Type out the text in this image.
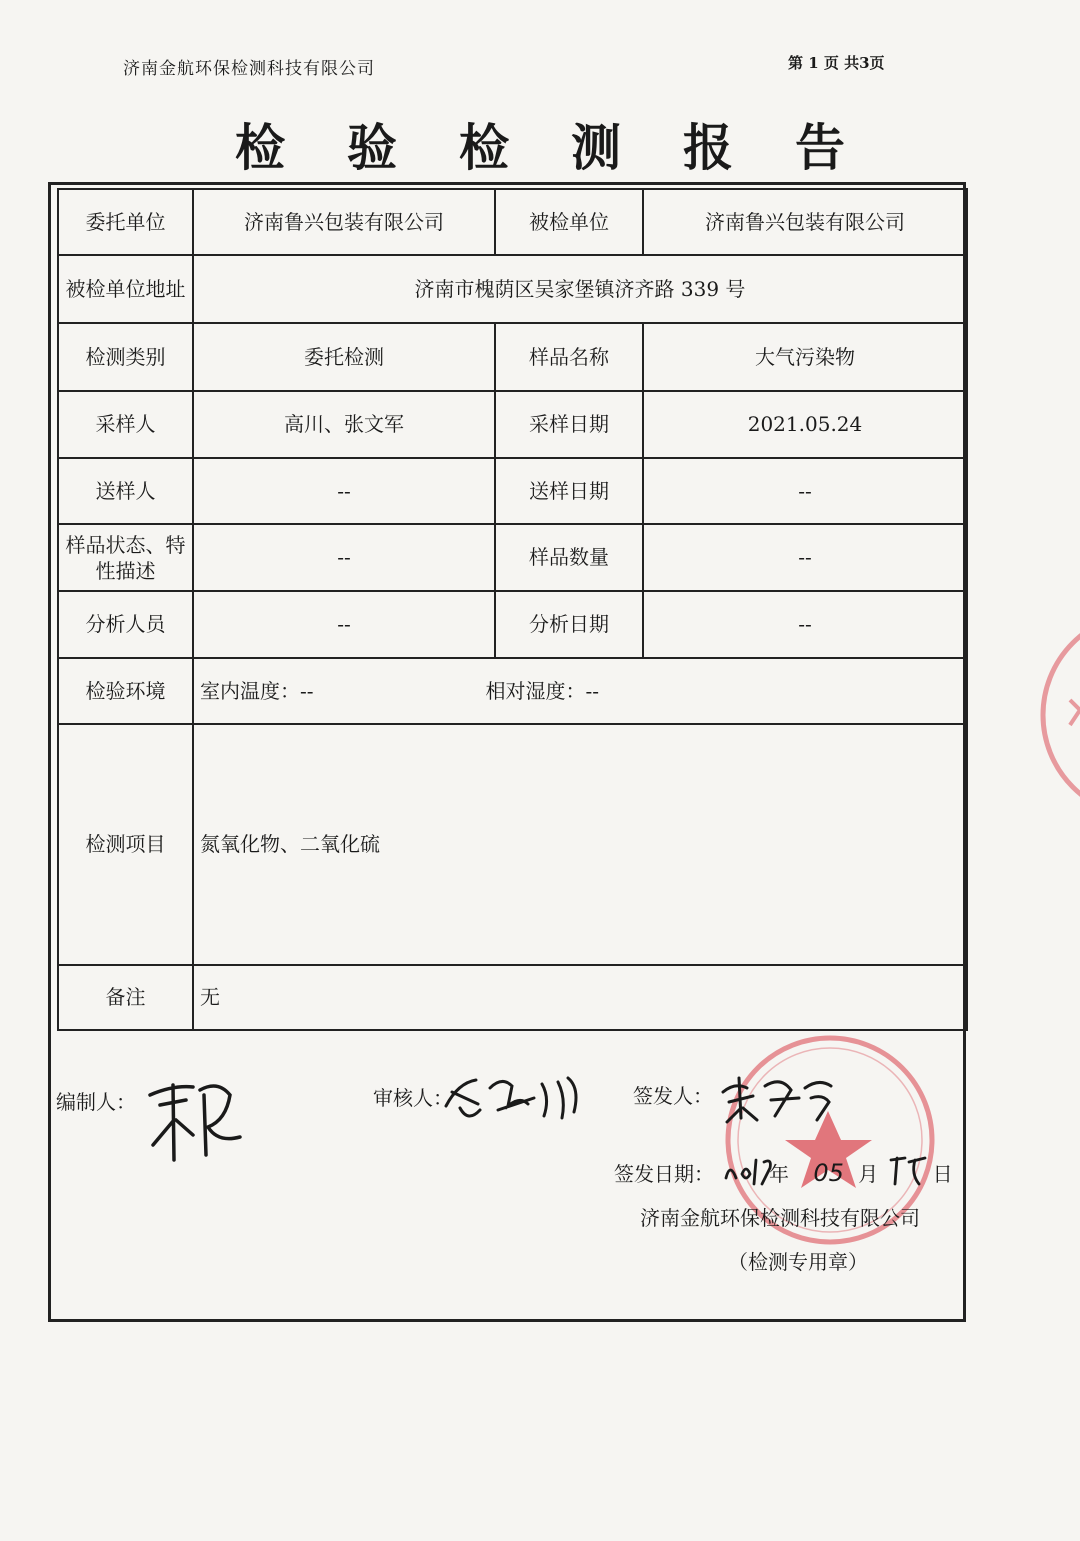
济南金航环保检测科技有限公司	第 1 页 共3页
检验检测报告
委托单位	济南鲁兴包装有限公司	被检单位	济南鲁兴包装有限公司
被检单位地址	济南市槐荫区吴家堡镇济齐路 339 号		
检测类别	委托检测	样品名称	大气污染物
采样人	高川、张文军	采样日期	2021.05.24
送样人	--	送样日期	--
样品状态、特性描述	--	样品数量	--
分析人员	--	分析日期	--
检验环境	室内温度：-- 相对湿度：--		
检测项目	氮氧化物、二氧化硫		
备注	无		
编制人：	审核人：	签发人：
签发日期：	年 05 月	日
济南金航环保检测科技有限公司
（检测专用章）
